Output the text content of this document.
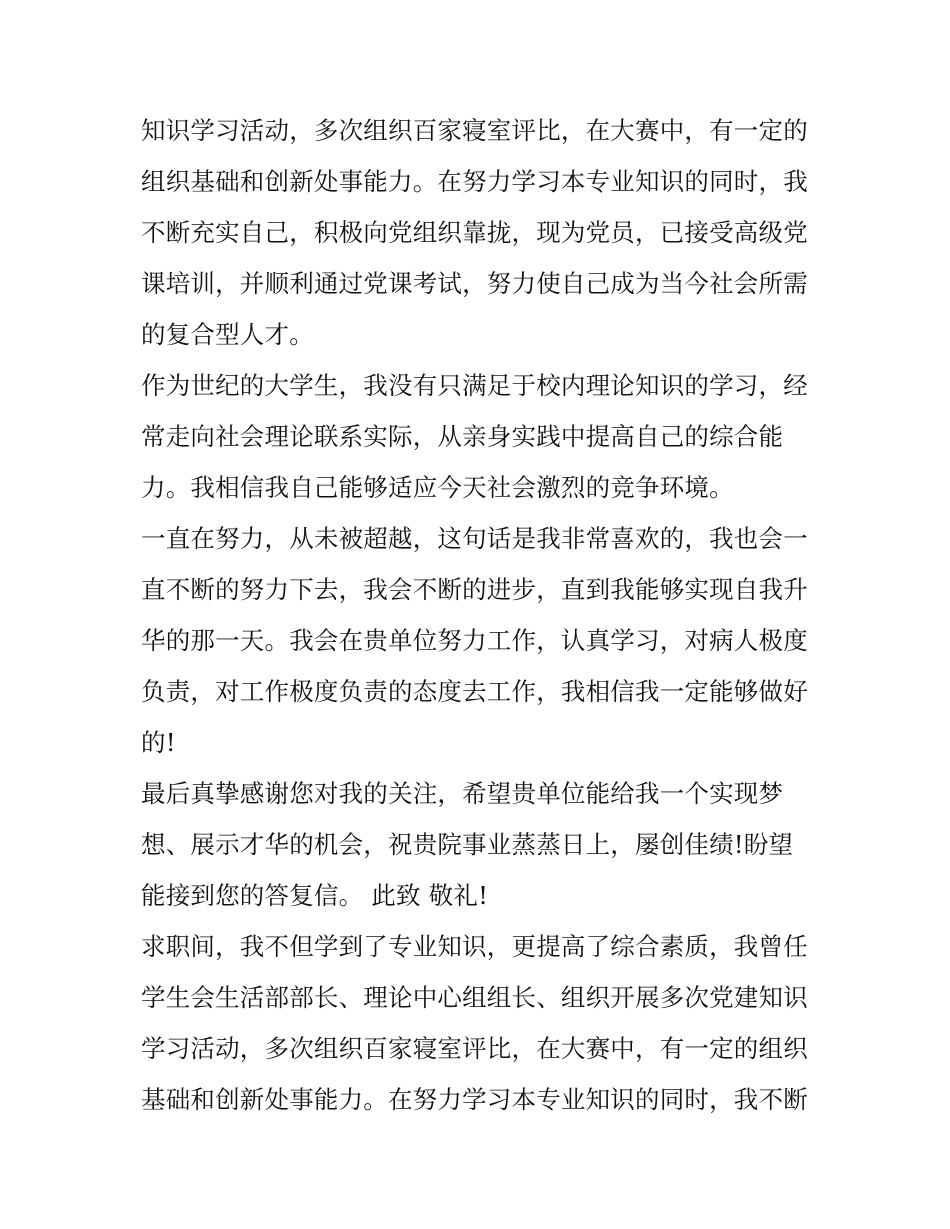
知识学习活动，多次组织百家寝室评比，在大赛中，有一定的
组织基础和创新处事能力。在努力学习本专业知识的同时，我
不断充实自己，积极向党组织靠拢，现为党员，已接受高级党
课培训，并顺利通过党课考试，努力使自己成为当今社会所需
的复合型人才。
作为世纪的大学生，我没有只满足于校内理论知识的学习，经
常走向社会理论联系实际，从亲身实践中提高自己的综合能
力。我相信我自己能够适应今天社会激烈的竞争环境。
一直在努力，从未被超越，这句话是我非常喜欢的，我也会一
直不断的努力下去，我会不断的进步，直到我能够实现自我升
华的那一天。我会在贵单位努力工作，认真学习，对病人极度
负责，对工作极度负责的态度去工作，我相信我一定能够做好
的!
最后真挚感谢您对我的关注，希望贵单位能给我一个实现梦
想、展示才华的机会，祝贵院事业蒸蒸日上，屡创佳绩!盼望
能接到您的答复信。 此致 敬礼!
求职间，我不但学到了专业知识，更提高了综合素质，我曾任
学生会生活部部长、理论中心组组长、组织开展多次党建知识
学习活动，多次组织百家寝室评比，在大赛中，有一定的组织
基础和创新处事能力。在努力学习本专业知识的同时，我不断
